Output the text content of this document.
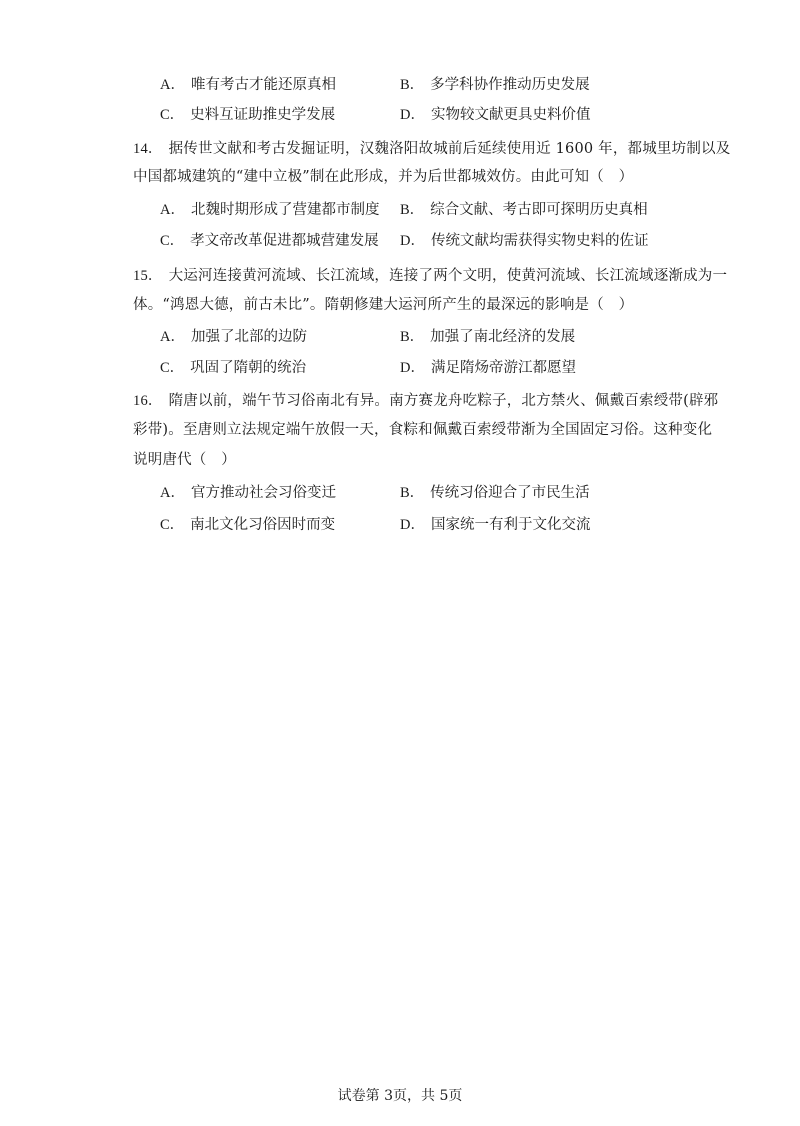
A． 唯有考古才能还原真相	B． 多学科协作推动历史发展
C． 史料互证助推史学发展	D． 实物较文献更具史料价值
14． 据传世文献和考古发掘证明，汉魏洛阳故城前后延续使用近 1600 年，都城里坊制以及
中国都城建筑的“建中立极”制在此形成，并为后世都城效仿。由此可知（　）
A． 北魏时期形成了营建都市制度 B． 综合文献、考古即可探明历史真相
C． 孝文帝改革促进都城营建发展 D． 传统文献均需获得实物史料的佐证
15． 大运河连接黄河流域、长江流域，连接了两个文明，使黄河流域、长江流域逐渐成为一
体。“鸿恩大德，前古未比”。隋朝修建大运河所产生的最深远的影响是（　）
A． 加强了北部的边防	B． 加强了南北经济的发展
C． 巩固了隋朝的统治	D． 满足隋炀帝游江都愿望
16． 隋唐以前，端午节习俗南北有异。南方赛龙舟吃粽子，北方禁火、佩戴百索绶带(辟邪
彩带)。至唐则立法规定端午放假一天，食粽和佩戴百索绶带渐为全国固定习俗。这种变化
说明唐代（　）
A． 官方推动社会习俗变迁	B． 传统习俗迎合了市民生活
C． 南北文化习俗因时而变	D． 国家统一有利于文化交流
试卷第 3页，共 5页
